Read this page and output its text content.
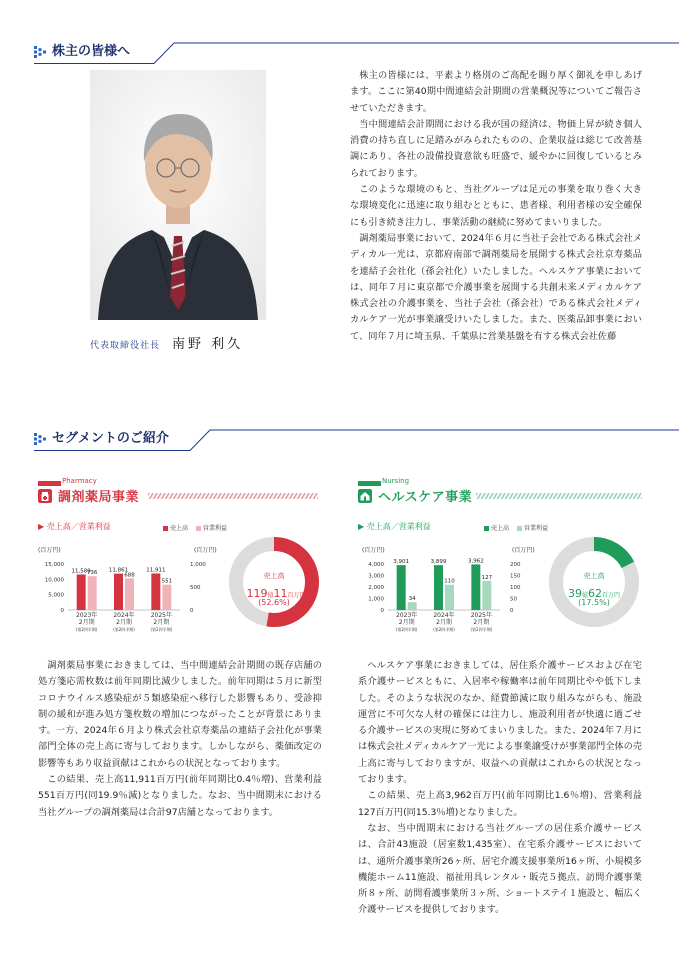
株主の皆様へ
代表取締役社長 南野 利久

株主の皆様には、平素より格別のご高配を賜り厚く御礼を申しあげます。ここに第40期中間連結会計期間の営業概況等についてご報告させていただきます。

当中間連結会計期間における我が国の経済は、物価上昇が続き個人消費の持ち直しに足踏みがみられたものの、企業収益は総じて改善基調にあり、各社の設備投資意欲も旺盛で、緩やかに回復しているとみられております。

このような環境のもと、当社グループは足元の事業を取り巻く大きな環境変化に迅速に取り組むとともに、患者様、利用者様の安全確保にも引き続き注力し、事業活動の継続に努めてまいりました。

調剤薬局事業において、2024年６月に当社子会社である株式会社メディカル一光は、京都府南部で調剤薬局を展開する株式会社京寿薬品を連結子会社化（孫会社化）いたしました。ヘルスケア事業においては、同年７月に東京都で介護事業を展開する共創未来メディカルケア株式会社の介護事業を、当社子会社（孫会社）である株式会社メディカルケア一光が事業譲受けいたしました。また、医薬品卸事業において、同年７月に埼玉県、千葉県に営業基盤を有する株式会社佐藤

セグメントのご紹介
Pharmacy
調剤薬局事業
▶ 売上高／営業利益	売上高 営業利益
(百万円)	(百万円)
15,000
10,000
5,000
0
1,000
500
0
11,580
736
2023年
2月期
(第2四半期)
11,861
688
2024年
2月期
(第2四半期)
11,911
551
2025年
2月期
(第2四半期)
売上高
119億11百万円
(52.6%)

調剤薬局事業におきましては、当中間連結会計期間の既存店舗の処方箋応需枚数は前年同期比減少しました。前年同期は５月に新型コロナウイルス感染症が５類感染症へ移行した影響もあり、受診抑制の緩和が進み処方箋枚数の増加につながったことが背景にあります。一方、2024年６月より株式会社京寿薬品の連結子会社化が事業部門全体の売上高に寄与しております。しかしながら、薬価改定の影響等もあり収益貢献はこれからの状況となっております。

この結果、売上高11,911百万円(前年同期比0.4％増)、営業利益551百万円(同19.9％減)となりました。なお、当中間期末における当社グループの調剤薬局は合計97店舗となっております。

Nursing
ヘルスケア事業
▶ 売上高／営業利益	売上高 営業利益
(百万円)	(百万円)
4,000
3,000
2,000
1,000
0
200
150
100
50
0
3,901
34
2023年
2月期
(第2四半期)
3,899
110
2024年
2月期
(第2四半期)
3,962
127
2025年
2月期
(第2四半期)
売上高
39億62百万円
(17.5%)

ヘルスケア事業におきましては、居住系介護サービスおよび在宅系介護サービスともに、入居率や稼働率は前年同期比やや低下しました。そのような状況のなか、経費節減に取り組みながらも、施設運営に不可欠な人材の確保には注力し、施設利用者が快適に過ごせる介護サービスの実現に努めてまいりました。また、2024年７月には株式会社メディカルケア一光による事業譲受けが事業部門全体の売上高に寄与しておりますが、収益への貢献はこれからの状況となっております。

この結果、売上高3,962百万円(前年同期比1.6％増)、営業利益127百万円(同15.3％増)となりました。

なお、当中間期末における当社グループの居住系介護サービスは、合計43施設（居室数1,435室）、在宅系介護サービスにおいては、通所介護事業所26ヶ所、居宅介護支援事業所16ヶ所、小規模多機能ホーム11施設、福祉用具レンタル・販売５拠点、訪問介護事業所８ヶ所、訪問看護事業所３ヶ所、ショートステイ１施設と、幅広く介護サービスを提供しております。
